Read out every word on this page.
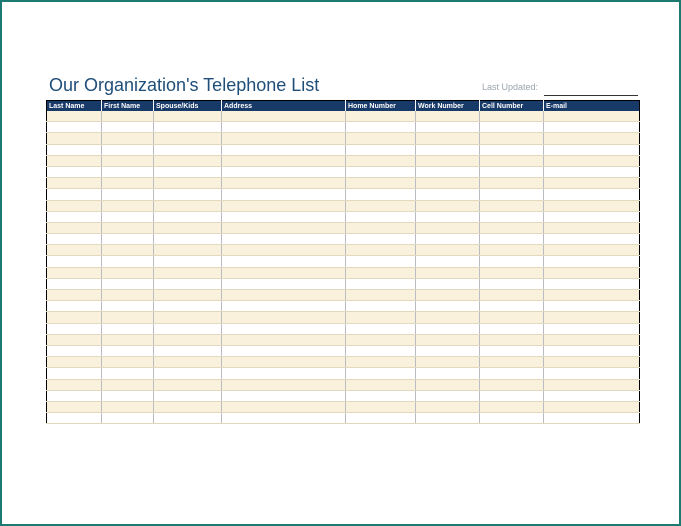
Our Organization's Telephone List	Last Updated:
Last Name	First Name	Spouse/Kids	Address	Home Number	Work Number	Cell Number	E-mail
